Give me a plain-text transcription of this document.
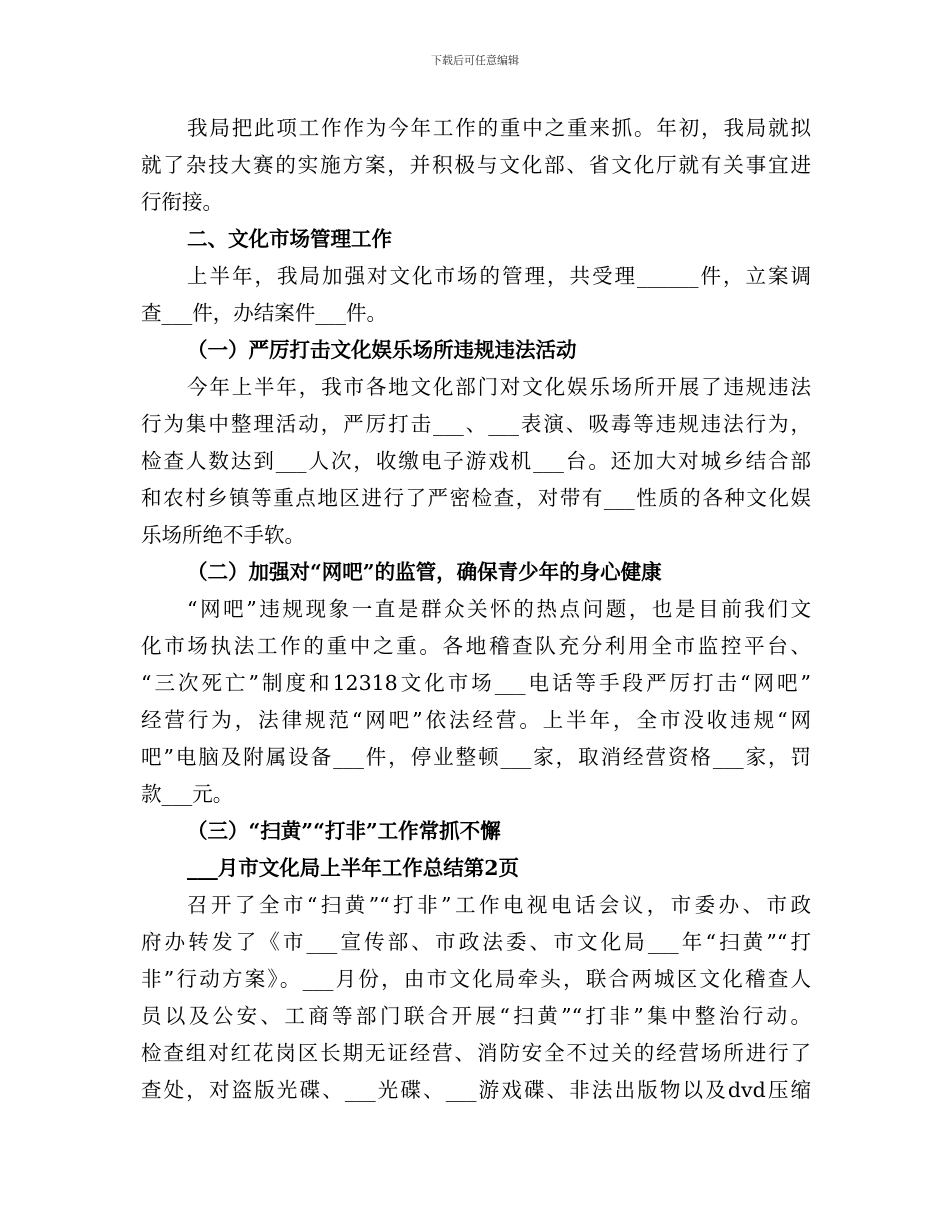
下载后可任意编辑
我局把此项工作作为今年工作的重中之重来抓。年初，我局就拟
就了杂技大赛的实施方案，并积极与文化部、省文化厅就有关事宜进
行衔接。
二、文化市场管理工作
上半年，我局加强对文化市场的管理，共受理______件，立案调
查___件，办结案件___件。
（一）严厉打击文化娱乐场所违规违法活动
今年上半年，我市各地文化部门对文化娱乐场所开展了违规违法
行为集中整理活动，严厉打击___、___表演、吸毒等违规违法行为，
检查人数达到___人次，收缴电子游戏机___台。还加大对城乡结合部
和农村乡镇等重点地区进行了严密检查，对带有___性质的各种文化娱
乐场所绝不手软。
（二）加强对“网吧”的监管，确保青少年的身心健康
“网吧”违规现象一直是群众关怀的热点问题，也是目前我们文
化市场执法工作的重中之重。各地稽查队充分利用全市监控平台、
“三次死亡”制度和12318文化市场___电话等手段严厉打击“网吧”
经营行为，法律规范“网吧”依法经营。上半年，全市没收违规“网
吧”电脑及附属设备___件，停业整顿___家，取消经营资格___家，罚
款___元。
（三）“扫黄”“打非”工作常抓不懈
___月市文化局上半年工作总结第2页
召开了全市“扫黄”“打非”工作电视电话会议，市委办、市政
府办转发了《市___宣传部、市政法委、市文化局___年“扫黄”“打
非”行动方案》。___月份，由市文化局牵头，联合两城区文化稽查人
员以及公安、工商等部门联合开展“扫黄”“打非”集中整治行动。
检查组对红花岗区长期无证经营、消防安全不过关的经营场所进行了
查处，对盗版光碟、___光碟、___游戏碟、非法出版物以及dvd压缩
